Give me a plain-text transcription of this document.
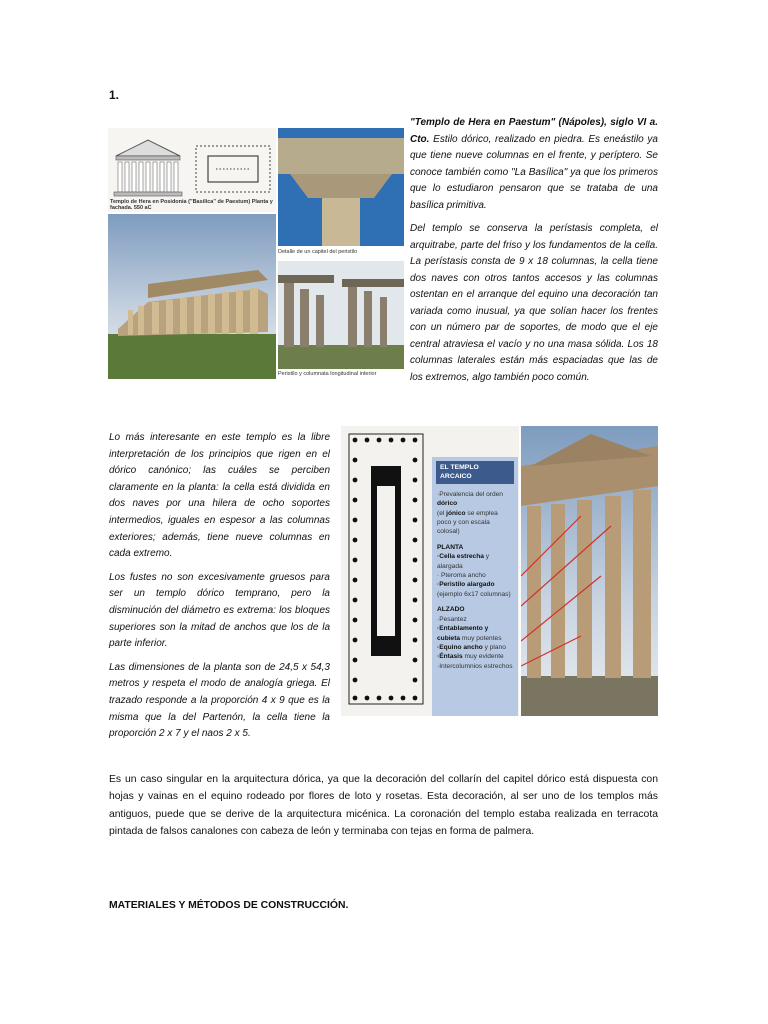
1.
Templo de Hera en Posidonia ("Basílica" de Paestum) Planta y fachada. 550 aC
Detalle de un capitel del peristilo
Peristilo y columnata longitudinal interior

"Templo de Hera en Paestum" (Nápoles), siglo VI a. Cto. Estilo dórico, realizado en piedra. Es eneástilo ya que tiene nueve columnas en el frente, y períptero. Se conoce también como "La Basílica" ya que los primeros que lo estudiaron pensaron que se trataba de una basílica primitiva.

Del templo se conserva la perístasis completa, el arquitrabe, parte del friso y los fundamentos de la cella. La perístasis consta de 9 x 18 columnas, la cella tiene dos naves con otros tantos accesos y las columnas ostentan en el arranque del equino una decoración tan variada como inusual, ya que solían hacer los frentes con un número par de soportes, de modo que el eje central atraviesa el vacío y no una masa sólida. Los 18 columnas laterales están más espaciadas que las de los extremos, algo también poco común.

Lo más interesante en este templo es la libre interpretación de los principios que rigen en el dórico canónico; las cuáles se perciben claramente en la planta: la cella está dividida en dos naves por una hilera de ocho soportes intermedios, iguales en espesor a las columnas exteriores; además, tiene nueve columnas en cada extremo.

Los fustes no son excesivamente gruesos para ser un templo dórico temprano, pero la disminución del diámetro es extrema: los bloques superiores son la mitad de anchos que los de la parte inferior.

Las dimensiones de la planta son de 24,5 x 54,3 metros y respeta el modo de analogía griega. El trazado responde a la proporción 4 x 9 que es la misma que la del Partenón, la cella tiene la proporción 2 x 7 y el naos 2 x 5.

EL TEMPLO ARCAICO
·Prevalencia del orden dórico
(el jónico se emplea poco y con escala colosal)
PLANTA
·Cella estrecha y alargada
· Pteroma ancho
·Peristilo alargado (ejemplo 6x17 columnas)
ALZADO
·Pesantez
·Entablamento y cubieta muy potentes
·Equino ancho y plano
·Éntasis muy evidente
·Intercolumnios estrechos

Es un caso singular en la arquitectura dórica, ya que la decoración del collarín del capitel dórico está dispuesta con hojas y vainas en el equino rodeado por flores de loto y rosetas. Esta decoración, al ser uno de los templos más antiguos, puede que se derive de la arquitectura micénica. La coronación del templo estaba realizada en terracota pintada de falsos canalones con cabeza de león y terminaba con tejas en forma de palmera.

MATERIALES Y MÉTODOS DE CONSTRUCCIÓN.
